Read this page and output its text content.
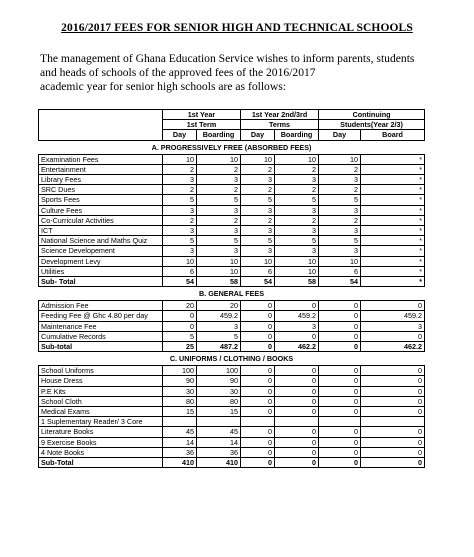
2016/2017 FEES FOR SENIOR HIGH AND TECHNICAL SCHOOLS
The management of Ghana Education Service wishes to inform parents, students
and heads of schools of the approved fees of the 2016/2017
academic year for senior high schools are as follows:
	1st Year		1st Year 2nd/3rd		Continuing	
	1st Term		Terms		Students(Year 2/3)	
	Day	Boarding	Day	Boarding	Day	Board
A. PROGRESSIVELY FREE (ABSORBED FEES)						
Examination Fees	10	10	10	10	10	*
Entertainment	2	2	2	2	2	*
Library Fees	3	3	3	3	3	*
SRC Dues	2	2	2	2	2	*
Sports Fees	5	5	5	5	5	*
Culture Fees	3	3	3	3	3	*
Co-Curricular Activities	2	2	2	2	2	*
ICT	3	3	3	3	3	*
National Science and Maths Quiz	5	5	5	5	5	*
Science Developement	3	3	3	3	3	*
Development Levy	10	10	10	10	10	*
Utilities	6	10	6	10	6	*
Sub- Total	54	58	54	58	54	*
B. GENERAL FEES						
Admission Fee	20	20	0	0	0	0
Feeding Fee @ Ghc 4.80 per day	0	459.2	0	459.2	0	459.2
Maintenance Fee	0	3	0	3	0	3
Cumulative Records	5	5	0	0	0	0
Sub-total	25	487.2	0	462.2	0	462.2
C. UNIFORMS / CLOTHING / BOOKS						
School Uniforms	100	100	0	0	0	0
House Dress	90	90	0	0	0	0
P.E Kits	30	30	0	0	0	0
School Cloth	80	80	0	0	0	0
Medical Exams	15	15	0	0	0	0
1 Suplementary Reader/ 3 Core						
Literature Books	45	45	0	0	0	0
9 Exercise Books	14	14	0	0	0	0
4 Note Books	36	36	0	0	0	0
Sub-Total	410	410	0	0	0	0
